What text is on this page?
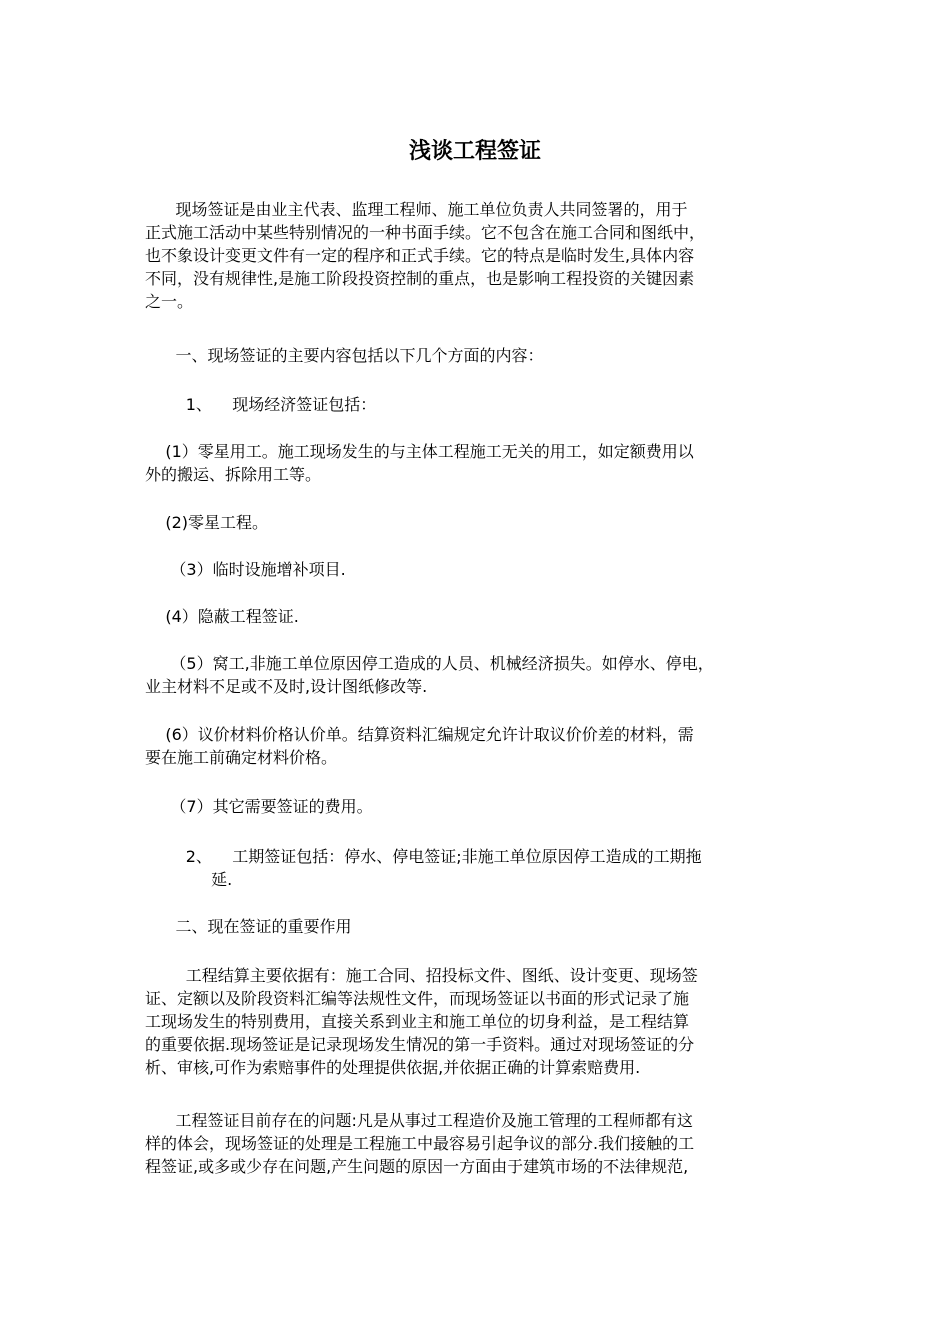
浅谈工程签证

现场签证是由业主代表、监理工程师、施工单位负责人共同签署的，用于
正式施工活动中某些特别情况的一种书面手续。它不包含在施工合同和图纸中，
也不象设计变更文件有一定的程序和正式手续。它的特点是临时发生,具体内容
不同，没有规律性,是施工阶段投资控制的重点，也是影响工程投资的关键因素
之一。

一、现场签证的主要内容包括以下几个方面的内容：

1、    现场经济签证包括：

(1）零星用工。施工现场发生的与主体工程施工无关的用工，如定额费用以
外的搬运、拆除用工等。

(2)零星工程。

（3）临时设施增补项目.

(4）隐蔽工程签证.

（5）窝工,非施工单位原因停工造成的人员、机械经济损失。如停水、停电，
业主材料不足或不及时,设计图纸修改等.

(6）议价材料价格认价单。结算资料汇编规定允许计取议价价差的材料，需
要在施工前确定材料价格。

（7）其它需要签证的费用。

2、    工期签证包括：停水、停电签证;非施工单位原因停工造成的工期拖
延.

二、现在签证的重要作用

工程结算主要依据有：施工合同、招投标文件、图纸、设计变更、现场签
证、定额以及阶段资料汇编等法规性文件，而现场签证以书面的形式记录了施
工现场发生的特别费用，直接关系到业主和施工单位的切身利益，是工程结算
的重要依据.现场签证是记录现场发生情况的第一手资料。通过对现场签证的分
析、审核,可作为索赔事件的处理提供依据,并依据正确的计算索赔费用.

工程签证目前存在的问题:凡是从事过工程造价及施工管理的工程师都有这
样的体会，现场签证的处理是工程施工中最容易引起争议的部分.我们接触的工
程签证,或多或少存在问题,产生问题的原因一方面由于建筑市场的不法律规范,
